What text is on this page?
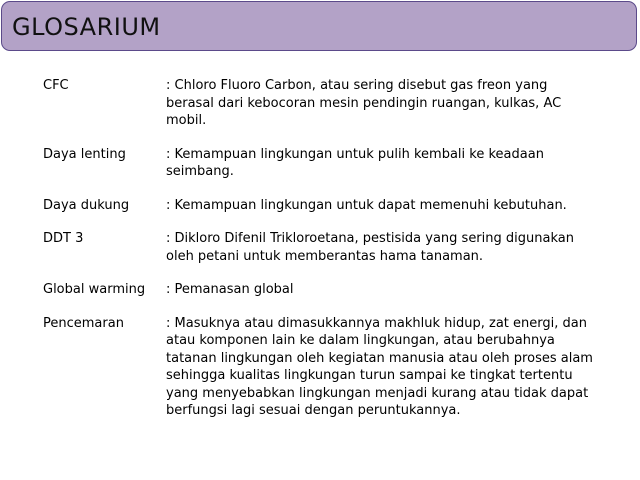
GLOSARIUM
CFC	: Chloro Fluoro Carbon, atau sering disebut gas freon yang
berasal dari kebocoran mesin pendingin ruangan, kulkas, AC
mobil.
Daya lenting	: Kemampuan lingkungan untuk pulih kembali ke keadaan seimbang.
Daya dukung	: Kemampuan lingkungan untuk dapat memenuhi kebutuhan.
DDT 3	: Dikloro Difenil Trikloroetana, pestisida yang sering digunakan
oleh petani untuk memberantas hama tanaman.
Global warming	: Pemanasan global
Pencemaran	: Masuknya atau dimasukkannya makhluk hidup, zat energi, dan
atau komponen lain ke dalam lingkungan, atau berubahnya
tatanan lingkungan oleh kegiatan manusia atau oleh proses alam
sehingga kualitas lingkungan turun sampai ke tingkat tertentu
yang menyebabkan lingkungan menjadi kurang atau tidak dapat
berfungsi lagi sesuai dengan peruntukannya.
